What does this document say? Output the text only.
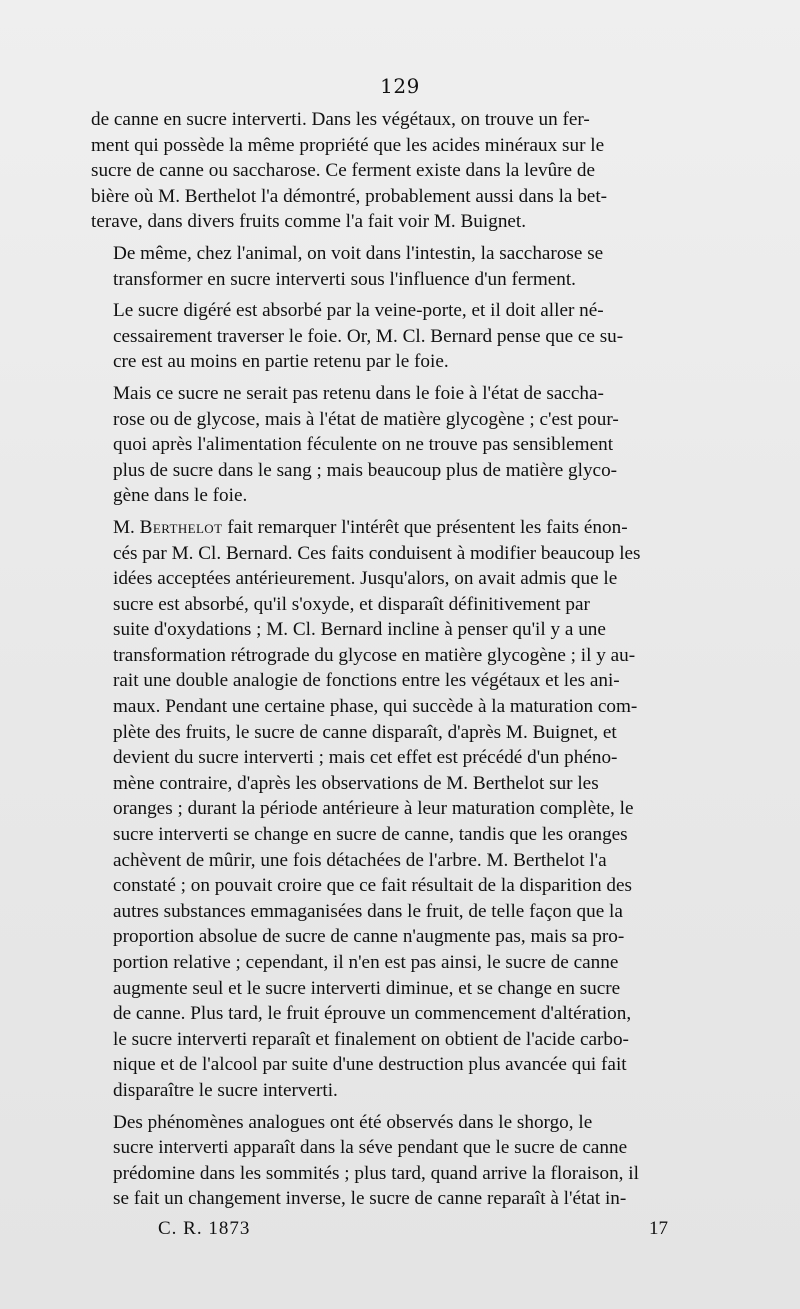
129

de canne en sucre interverti. Dans les végétaux, on trouve un fer-
ment qui possède la même propriété que les acides minéraux sur le
sucre de canne ou saccharose. Ce ferment existe dans la levûre de
bière où M. Berthelot l'a démontré, probablement aussi dans la bet-
terave, dans divers fruits comme l'a fait voir M. Buignet.

De même, chez l'animal, on voit dans l'intestin, la saccharose se
transformer en sucre interverti sous l'influence d'un ferment.

Le sucre digéré est absorbé par la veine-porte, et il doit aller né-
cessairement traverser le foie. Or, M. Cl. Bernard pense que ce su-
cre est au moins en partie retenu par le foie.

Mais ce sucre ne serait pas retenu dans le foie à l'état de saccha-
rose ou de glycose, mais à l'état de matière glycogène ; c'est pour-
quoi après l'alimentation féculente on ne trouve pas sensiblement
plus de sucre dans le sang ; mais beaucoup plus de matière glyco-
gène dans le foie.

M. Berthelot fait remarquer l'intérêt que présentent les faits énon-
cés par M. Cl. Bernard. Ces faits conduisent à modifier beaucoup les
idées acceptées antérieurement. Jusqu'alors, on avait admis que le
sucre est absorbé, qu'il s'oxyde, et disparaît définitivement par
suite d'oxydations ; M. Cl. Bernard incline à penser qu'il y a une
transformation rétrograde du glycose en matière glycogène ; il y au-
rait une double analogie de fonctions entre les végétaux et les ani-
maux. Pendant une certaine phase, qui succède à la maturation com-
plète des fruits, le sucre de canne disparaît, d'après M. Buignet, et
devient du sucre interverti ; mais cet effet est précédé d'un phéno-
mène contraire, d'après les observations de M. Berthelot sur les
oranges ; durant la période antérieure à leur maturation complète, le
sucre interverti se change en sucre de canne, tandis que les oranges
achèvent de mûrir, une fois détachées de l'arbre. M. Berthelot l'a
constaté ; on pouvait croire que ce fait résultait de la disparition des
autres substances emmaganisées dans le fruit, de telle façon que la
proportion absolue de sucre de canne n'augmente pas, mais sa pro-
portion relative ; cependant, il n'en est pas ainsi, le sucre de canne
augmente seul et le sucre interverti diminue, et se change en sucre
de canne. Plus tard, le fruit éprouve un commencement d'altération,
le sucre interverti reparaît et finalement on obtient de l'acide carbo-
nique et de l'alcool par suite d'une destruction plus avancée qui fait
disparaître le sucre interverti.

Des phénomènes analogues ont été observés dans le shorgo, le
sucre interverti apparaît dans la séve pendant que le sucre de canne
prédomine dans les sommités ; plus tard, quand arrive la floraison, il
se fait un changement inverse, le sucre de canne reparaît à l'état in-

C. R. 1873	17
